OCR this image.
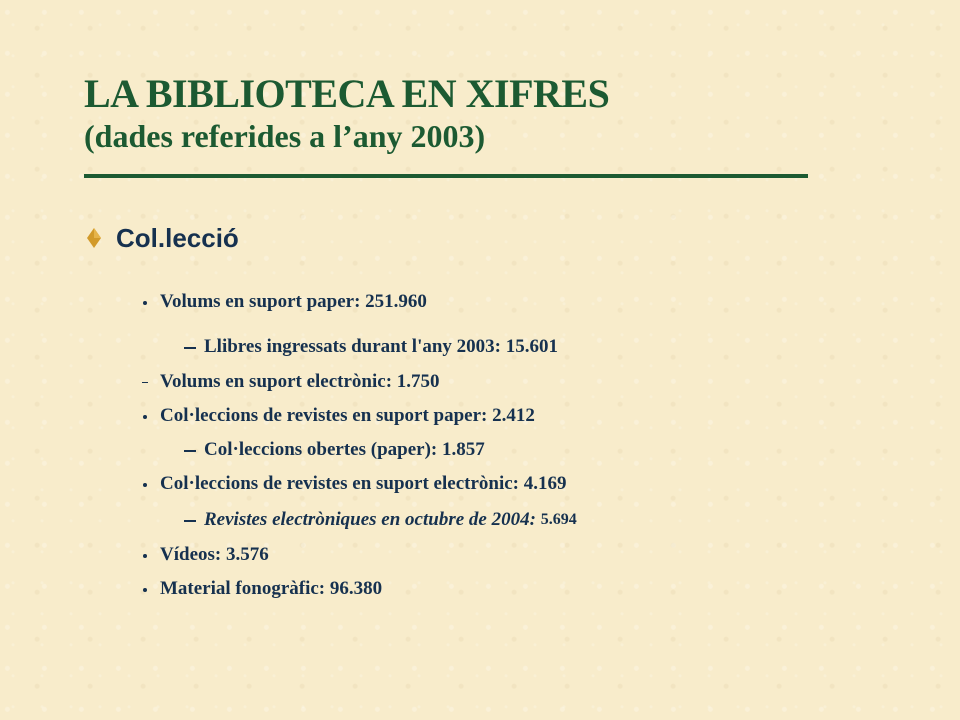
LA BIBLIOTECA EN XIFRES
(dades referides a l’any 2003)
Col.lecció
Volums en suport paper: 251.960
Llibres ingressats durant l'any 2003: 15.601
Volums en suport electrònic: 1.750
Col·leccions de revistes en suport paper: 2.412
Col·leccions obertes (paper): 1.857
Col·leccions de revistes en suport electrònic: 4.169
Revistes electròniques en octubre de 2004:
5.694
Vídeos: 3.576
Material fonogràfic: 96.380
